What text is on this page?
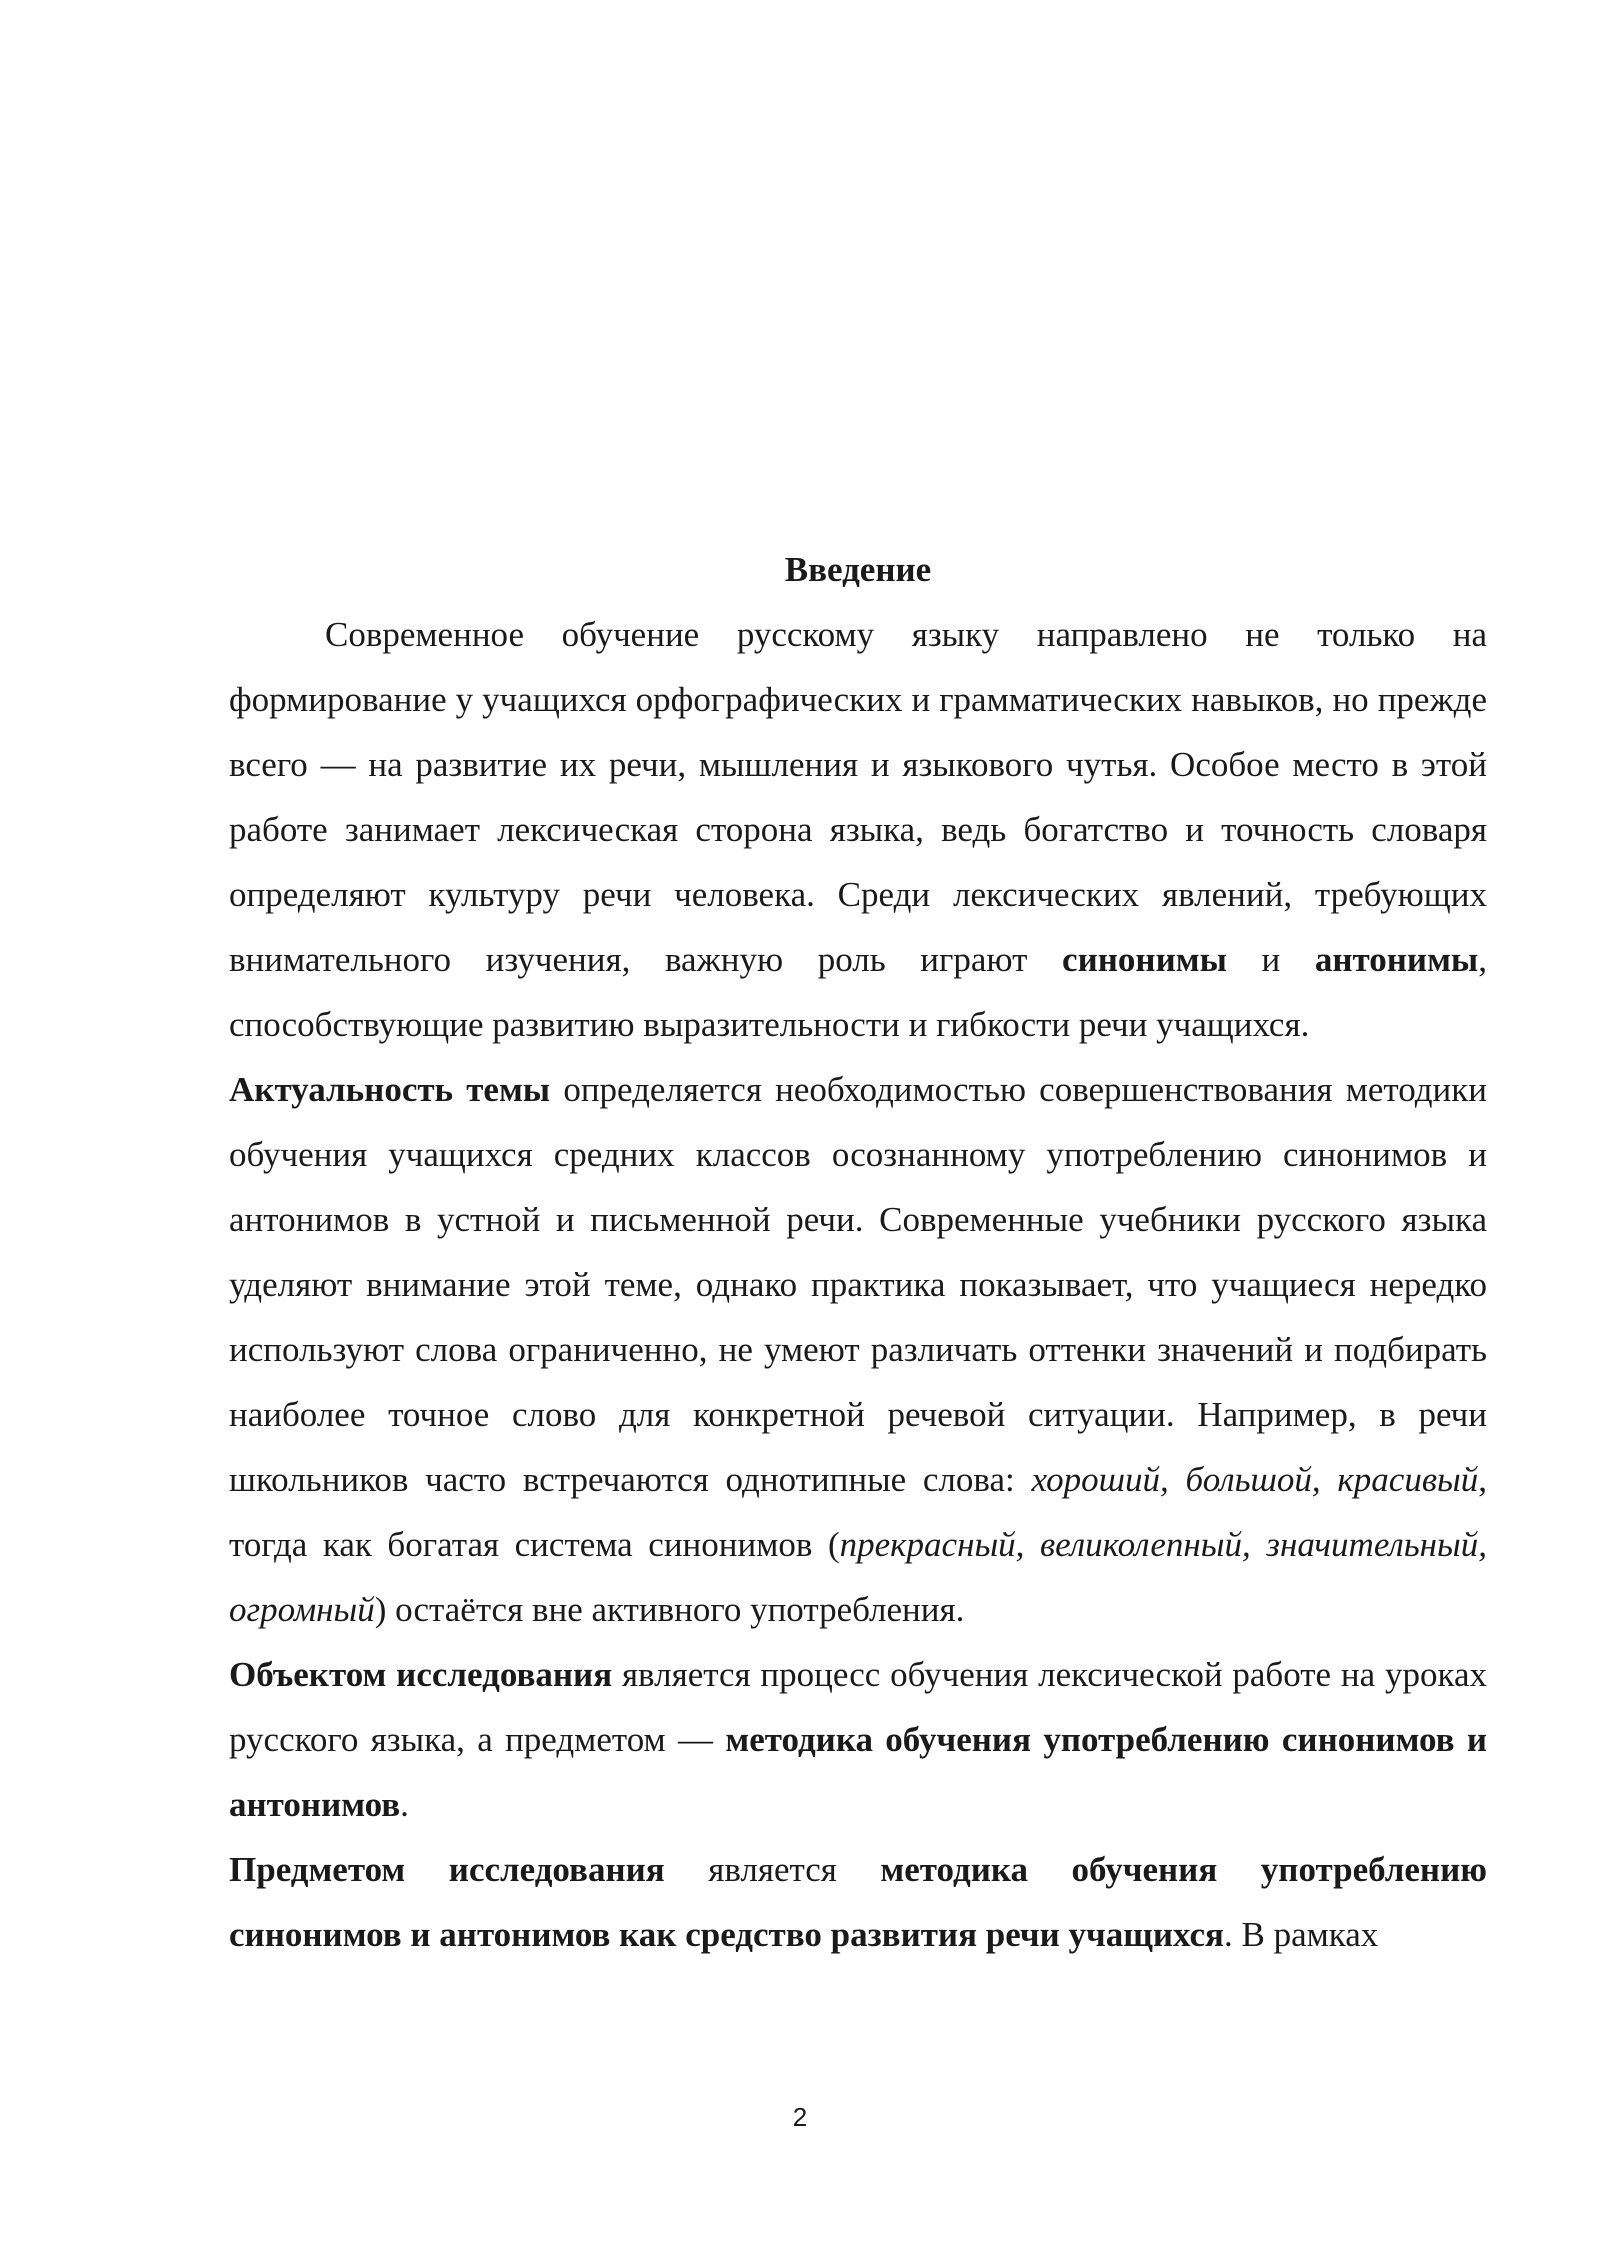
Введение

Современное обучение русскому языку направлено не только на формирование у учащихся орфографических и грамматических навыков, но прежде всего — на развитие их речи, мышления и языкового чутья. Особое место в этой работе занимает лексическая сторона языка, ведь богатство и точность словаря определяют культуру речи человека. Среди лексических явлений, требующих внимательного изучения, важную роль играют синонимы и антонимы, способствующие развитию выразительности и гибкости речи учащихся.

Актуальность темы определяется необходимостью совершенствования методики обучения учащихся средних классов осознанному употреблению синонимов и антонимов в устной и письменной речи. Современные учебники русского языка уделяют внимание этой теме, однако практика показывает, что учащиеся нередко используют слова ограниченно, не умеют различать оттенки значений и подбирать наиболее точное слово для конкретной речевой ситуации. Например, в речи школьников часто встречаются однотипные слова: хороший, большой, красивый, тогда как богатая система синонимов (прекрасный, великолепный, значительный, огромный) остаётся вне активного употребления.

Объектом исследования является процесс обучения лексической работе на уроках русского языка, а предметом — методика обучения употреблению синонимов и антонимов.

Предметом исследования является методика обучения употреблению синонимов и антонимов как средство развития речи учащихся. В рамках

2
